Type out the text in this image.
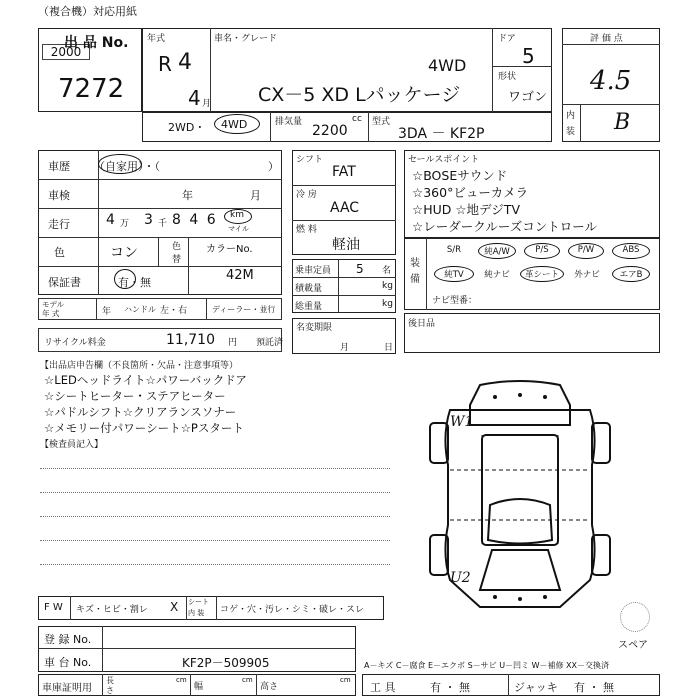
（複合機）対応用紙
2000
出 品 No.
7272
年式
R 4
4 月
車名・グレード
4WD
CX－5 XD Lパッケージ
ドア
5
形状
ワゴン
2WD・ 4WD	排気量	cc
2200
型式
3DA － KF2P
評 価 点
4.5
内
装 B
車歴 （自家用）・（	）
車検	年	月
走行	4 万 3 千 8 4 6 km
マイル
色	コン	色
替
カラーNo.
42M
保証書	有・無
モデル
年 式	年 ハンドル 左・右	ディーラー・並行
リサイクル料金	11,710 円 預託済
シフト
FAT
冷 房
AAC
燃 料
軽油
乗車定員 5 名
積載量	kg
総重量	kg
名変期限
月	日
セールスポイント
☆BOSEサウンド
☆360°ビューカメラ
☆HUD ☆地デジTV
☆レーダークルーズコントロール
装
備
S/R	純A/W	P/S	P/W	ABS
純TV	純ナビ	革シート	外ナビ	エアB
ナビ型番：
後日品
【出品店申告欄（不良箇所・欠品・注意事項等）
☆LEDヘッドライト☆パワーバックドア
☆シートヒーター・ステアヒーター
☆パドルシフト☆クリアランスソナー
☆メモリー付パワーシート☆Pスタート
【検査員記入】
W1
U2
スペア
F W キズ・ヒビ・割レ X シート
内 装 コゲ・穴・汚レ・シミ・破レ・スレ
登 録 No.
車 台 No.	KF2P－509905	A－キズ C－腐食 E－エクボ S－サビ U－凹ミ W－補修 XX－交換済
車庫証明用
長
さ
cm
幅
cm
高さ
cm
工 具	有 ・ 無	ジャッキ 有 ・ 無
